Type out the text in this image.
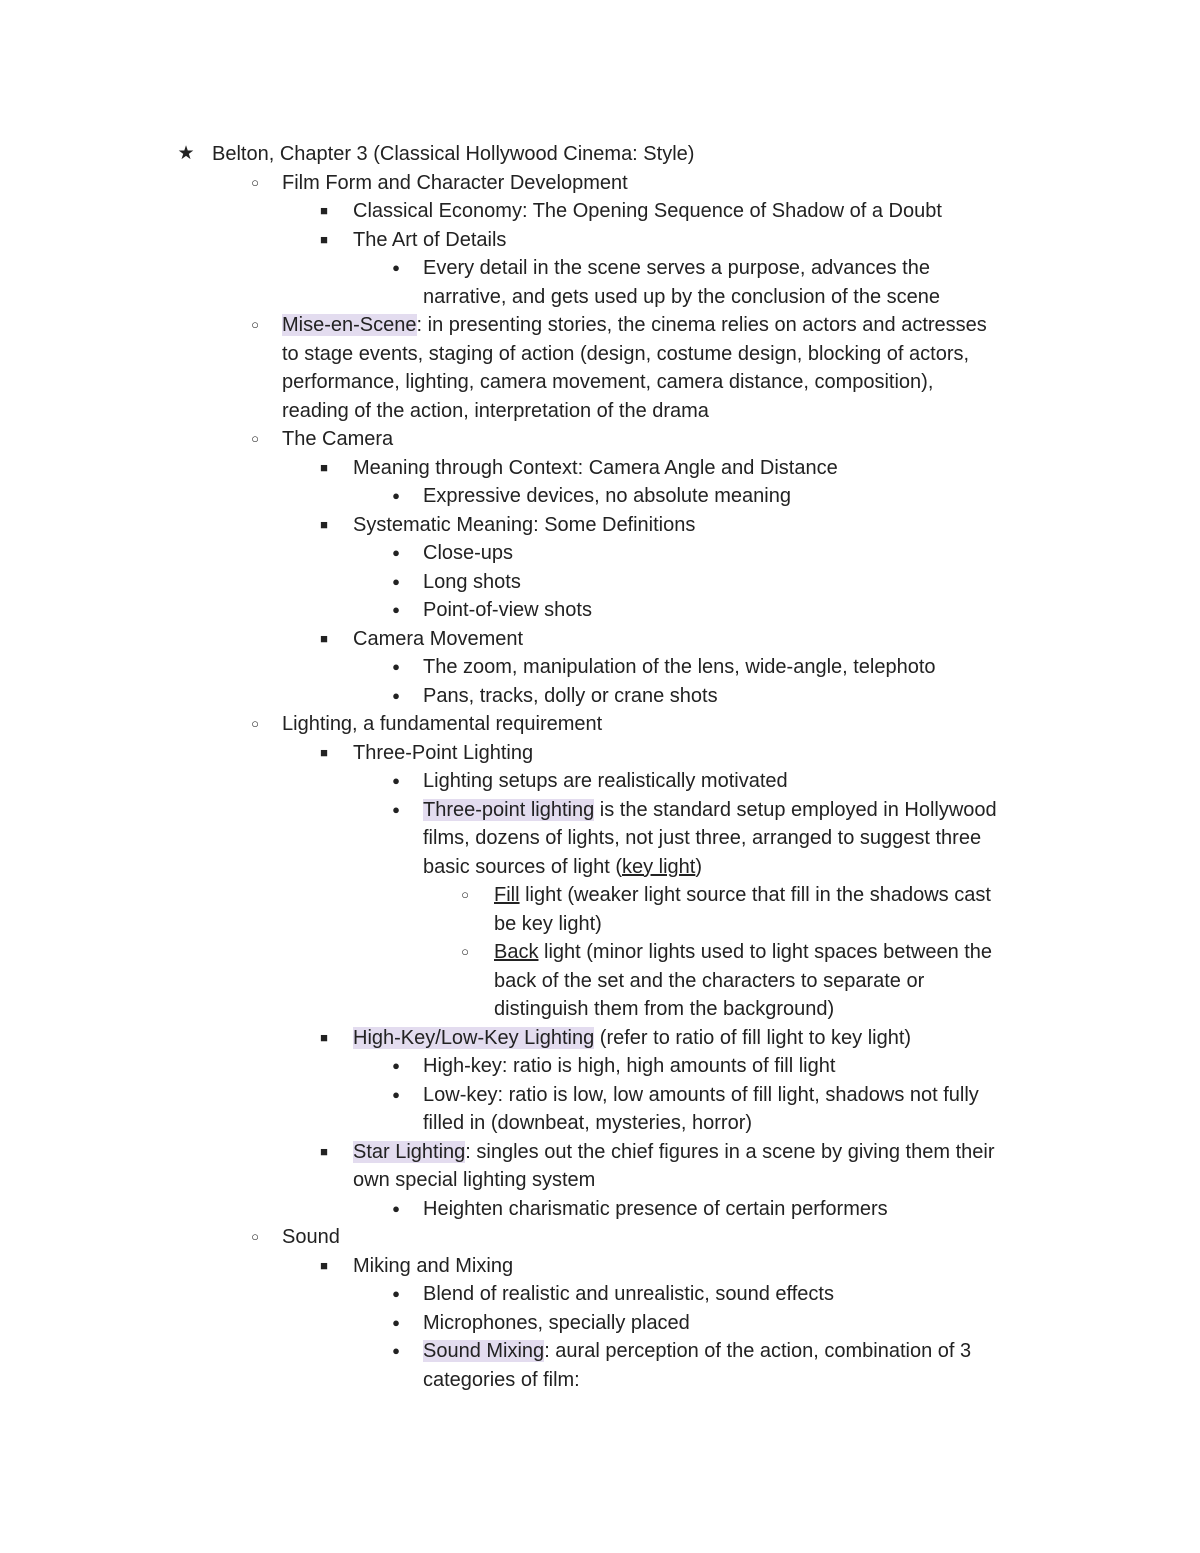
★ Belton, Chapter 3 (Classical Hollywood Cinema: Style)
○	Film Form and Character Development
■	Classical Economy: The Opening Sequence of Shadow of a Doubt
■	The Art of Details
●	Every detail in the scene serves a purpose, advances the
narrative, and gets used up by the conclusion of the scene
○	Mise-en-Scene: in presenting stories, the cinema relies on actors and actresses
to stage events, staging of action (design, costume design, blocking of actors,
performance, lighting, camera movement, camera distance, composition),
reading of the action, interpretation of the drama
○	The Camera
■	Meaning through Context: Camera Angle and Distance
●	Expressive devices, no absolute meaning
■	Systematic Meaning: Some Definitions
●	Close-ups
●	Long shots
●	Point-of-view shots
■	Camera Movement
●	The zoom, manipulation of the lens, wide-angle, telephoto
●	Pans, tracks, dolly or crane shots
○	Lighting, a fundamental requirement
■	Three-Point Lighting
●	Lighting setups are realistically motivated
●	Three-point lighting is the standard setup employed in Hollywood
films, dozens of lights, not just three, arranged to suggest three
basic sources of light (key light)
○	Fill light (weaker light source that fill in the shadows cast
be key light)
○	Back light (minor lights used to light spaces between the
back of the set and the characters to separate or
distinguish them from the background)
■	High-Key/Low-Key Lighting (refer to ratio of fill light to key light)
●	High-key: ratio is high, high amounts of fill light
●	Low-key: ratio is low, low amounts of fill light, shadows not fully
filled in (downbeat, mysteries, horror)
■	Star Lighting: singles out the chief figures in a scene by giving them their
own special lighting system
●	Heighten charismatic presence of certain performers
○	Sound
■	Miking and Mixing
●	Blend of realistic and unrealistic, sound effects
●	Microphones, specially placed
●	Sound Mixing: aural perception of the action, combination of 3
categories of film:
